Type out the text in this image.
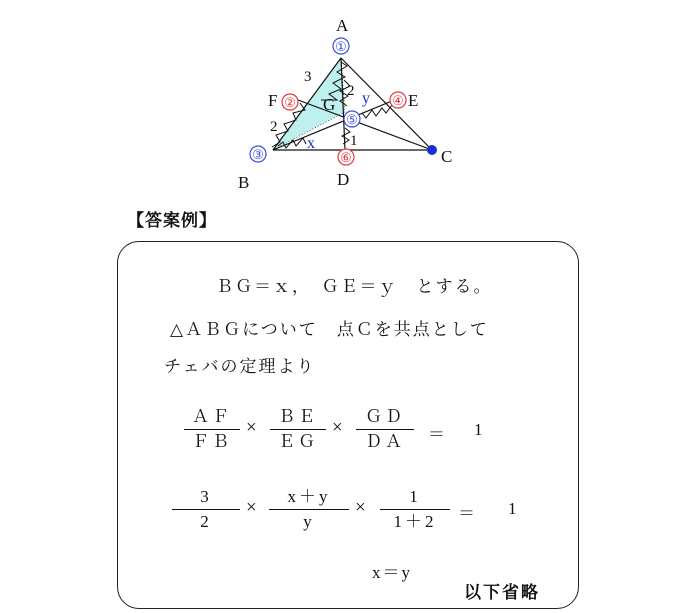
A
B
C
D
E
F	G
3
2
2
1
x
y
①
②
③
④
⑤
⑥
【答案例】
ＢＧ＝ｘ，　ＧＥ＝ｙ　とする。
△ＡＢＧについて　点Ｃを共点として
チェバの定理より
ＡＦ
ＦＢ
×
ＢＥ
ＥＧ
×
ＧＤ
ＤＡ	＝ 1
3
2
×
x＋y
y
×
1
1＋2	＝ 1
x＝y
以下省略
